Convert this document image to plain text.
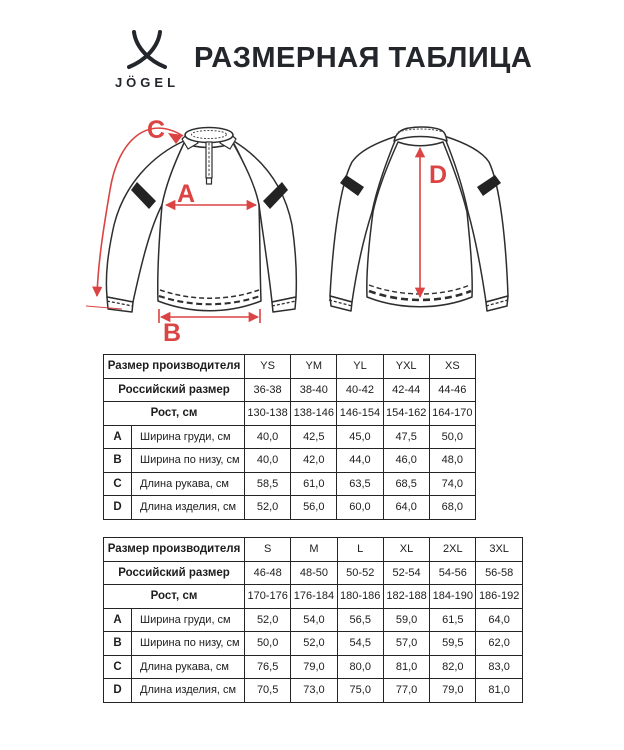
JÖGEL
РАЗМЕРНАЯ ТАБЛИЦА
A
B
C
D
Размер производителя		YS	YM	YL	YXL	XS
Российский размер		36-38	38-40	40-42	42-44	44-46
Рост, см		130-138	138-146	146-154	154-162	164-170
A	Ширина груди, см	40,0	42,5	45,0	47,5	50,0
B	Ширина по низу, см	40,0	42,0	44,0	46,0	48,0
C	Длина рукава, см	58,5	61,0	63,5	68,5	74,0
D	Длина изделия, см	52,0	56,0	60,0	64,0	68,0
Размер производителя		S	M	L	XL	2XL	3XL
Российский размер		46-48	48-50	50-52	52-54	54-56	56-58
Рост, см		170-176	176-184	180-186	182-188	184-190	186-192
A	Ширина груди, см	52,0	54,0	56,5	59,0	61,5	64,0
B	Ширина по низу, см	50,0	52,0	54,5	57,0	59,5	62,0
C	Длина рукава, см	76,5	79,0	80,0	81,0	82,0	83,0
D	Длина изделия, см	70,5	73,0	75,0	77,0	79,0	81,0
